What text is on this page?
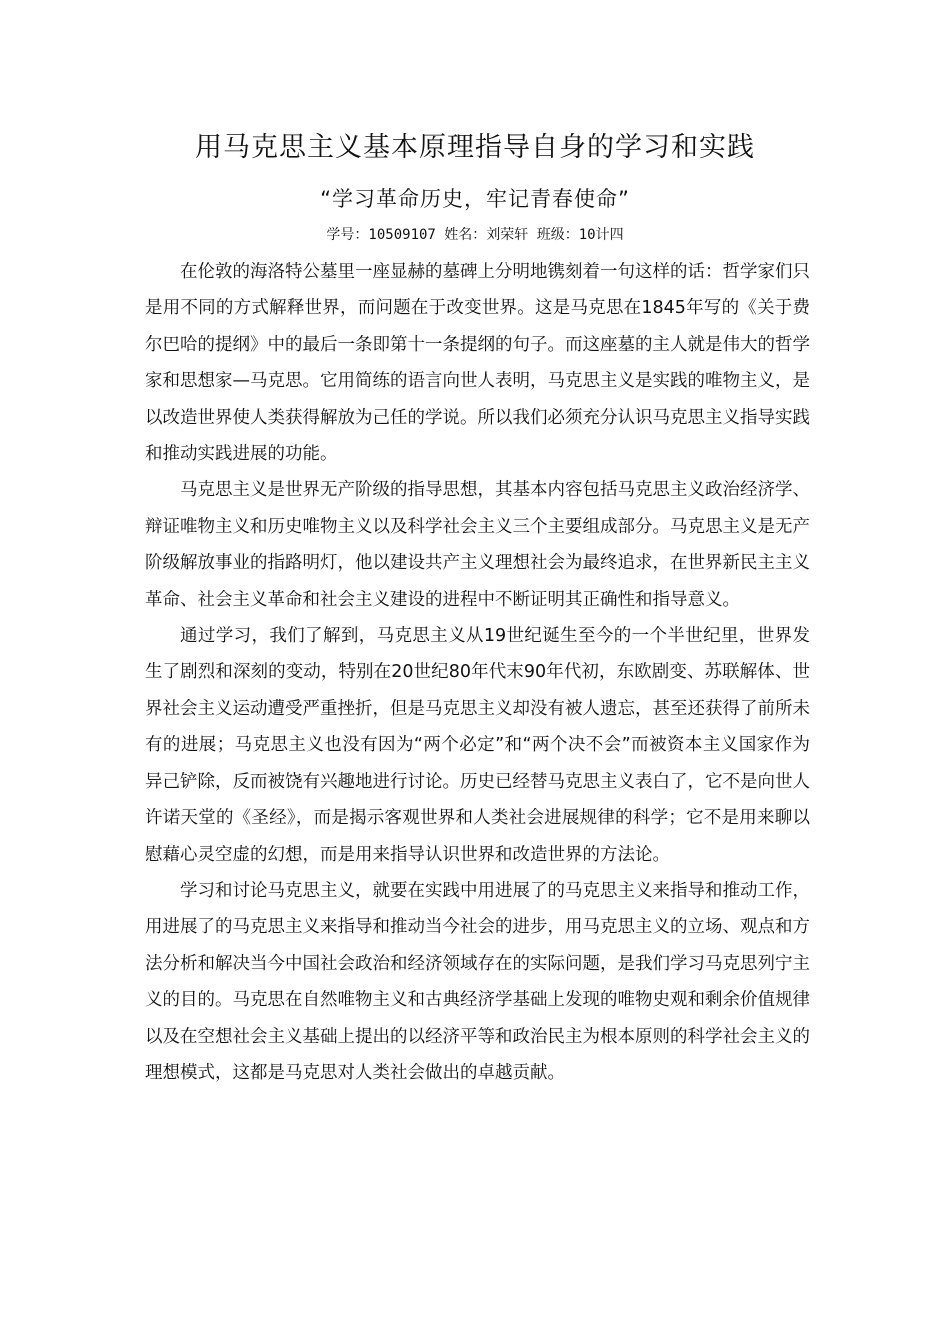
用马克思主义基本原理指导自身的学习和实践
“学习革命历史，牢记青春使命”
学号：10509107 姓名：刘荣轩 班级：10计四

在伦敦的海洛特公墓里一座显赫的墓碑上分明地镌刻着一句这样的话：哲学家们只是用不同的方式解释世界，而问题在于改变世界。这是马克思在1845年写的《关于费尔巴哈的提纲》中的最后一条即第十一条提纲的句子。而这座墓的主人就是伟大的哲学家和思想家—马克思。它用简练的语言向世人表明，马克思主义是实践的唯物主义，是以改造世界使人类获得解放为己任的学说。所以我们必须充分认识马克思主义指导实践和推动实践进展的功能。

马克思主义是世界无产阶级的指导思想，其基本内容包括马克思主义政治经济学、辩证唯物主义和历史唯物主义以及科学社会主义三个主要组成部分。马克思主义是无产阶级解放事业的指路明灯，他以建设共产主义理想社会为最终追求，在世界新民主主义革命、社会主义革命和社会主义建设的进程中不断证明其正确性和指导意义。

通过学习，我们了解到，马克思主义从19世纪诞生至今的一个半世纪里，世界发生了剧烈和深刻的变动，特别在20世纪80年代末90年代初，东欧剧变、苏联解体、世界社会主义运动遭受严重挫折，但是马克思主义却没有被人遗忘，甚至还获得了前所未有的进展；马克思主义也没有因为“两个必定”和“两个决不会”而被资本主义国家作为异己铲除，反而被饶有兴趣地进行讨论。历史已经替马克思主义表白了，它不是向世人许诺天堂的《圣经》，而是揭示客观世界和人类社会进展规律的科学；它不是用来聊以慰藉心灵空虚的幻想，而是用来指导认识世界和改造世界的方法论。

学习和讨论马克思主义，就要在实践中用进展了的马克思主义来指导和推动工作，用进展了的马克思主义来指导和推动当今社会的进步，用马克思主义的立场、观点和方法分析和解决当今中国社会政治和经济领域存在的实际问题，是我们学习马克思列宁主义的目的。马克思在自然唯物主义和古典经济学基础上发现的唯物史观和剩余价值规律以及在空想社会主义基础上提出的以经济平等和政治民主为根本原则的科学社会主义的理想模式，这都是马克思对人类社会做出的卓越贡献。
